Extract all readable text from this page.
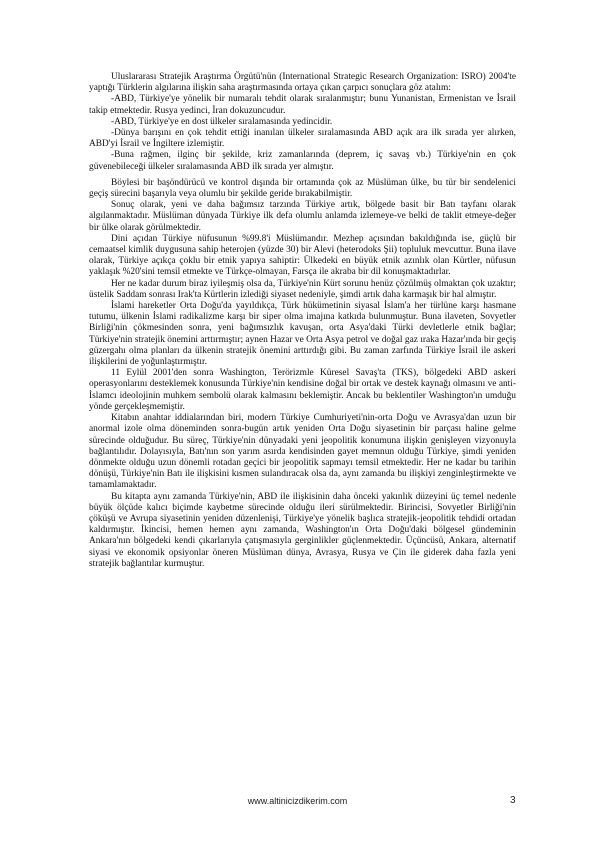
Uluslararası Stratejik Araştırma Örgütü'nün (International Strategic Research Organization: ISRO) 2004'te yaptığı Türklerin algılarına ilişkin saha araştırmasında ortaya çıkan çarpıcı sonuçlara göz atalım:

-ABD, Türkiye'ye yönelik bir numaralı tehdit olarak sıralanmıştır; bunu Yunanistan, Ermenistan ve İsrail takip etmektedir. Rusya yedinci, İran dokuzuncudur.

-ABD, Türkiye'ye en dost ülkeler sıralamasında yedincidir.

-Dünya barışını en çok tehdit ettiği inanılan ülkeler sıralamasında ABD açık ara ilk sırada yer alırken, ABD'yi İsrail ve İngiltere izlemiştir.

-Buna rağmen, ilginç bir şekilde, kriz zamanlarında (deprem, iç savaş vb.) Türkiye'nin en çok güvenebileceği ülkeler sıralamasında ABD ilk sırada yer almıştır.

Böylesi bir başöndürücü ve kontrol dışında bir ortamında çok az Müslüman ülke, bu tür bir sendelenici geçiş sürecini başarıyla veya olumlu bir şekilde geride bırakabilmiştir.

Sonuç olarak, yeni ve daha bağımsız tarzında Türkiye artık, bölgede basit bir Batı tayfanı olarak algılanmaktadır. Müslüman dünyada Türkiye ilk defa olumlu anlamda izlemeye-ve belki de taklit etmeye-değer bir ülke olarak görülmektedir.

Dini açıdan Türkiye nüfusunun %99.8'i Müslümandır. Mezhep açısından bakıldığında ise, güçlü bir cemaatsel kimlik duygusuna sahip heterojen (yüzde 30) bir Alevi (heterodoks Şii) topluluk mevcuttur. Buna ilave olarak, Türkiye açıkça çoklu bir etnik yapıya sahiptir: Ülkedeki en büyük etnik azınlık olan Kürtler, nüfusun yaklaşık %20'sini temsil etmekte ve Türkçe-olmayan, Farsça ile akraba bir dil konuşmaktadırlar.

Her ne kadar durum biraz iyileşmiş olsa da, Türkiye'nin Kürt sorunu henüz çözülmüş olmaktan çok uzaktır; üstelik Saddam sonrası Irak'ta Kürtlerin izlediği siyaset nedeniyle, şimdi artık daha karmaşık bir hal almıştır.

İslami hareketler Orta Doğu'da yayıldıkça, Türk hükümetinin siyasal İslam'a her türlüne karşı hasmane tutumu, ülkenin İslami radikalizme karşı bir siper olma imajına katkıda bulunmuştur. Buna ilaveten, Sovyetler Birliği'nin çökmesinden sonra, yeni bağımsızlık kavuşan, orta Asya'daki Türki devletlerle etnik bağlar; Türkiye'nin stratejik önemini arttırmıştır; aynen Hazar ve Orta Asya petrol ve doğal gaz ıraka Hazar'ında bir geçiş güzergahı olma planları da ülkenin stratejik önemini arttırdığı gibi. Bu zaman zarfında Türkiye İsrail ile askeri ilişkilerini de yoğunlaştırmıştır.

11 Eylül 2001'den sonra Washington, Terörizmle Küresel Savaş'ta (TKS), bölgedeki ABD askeri operasyonlarını desteklemek konusunda Türkiye'nin kendisine doğal bir ortak ve destek kaynağı olmasını ve anti-İslamcı ideolojinin muhkem sembolü olarak kalmasını beklemiştir. Ancak bu beklentiler Washington'ın umduğu yönde gerçekleşmemiştir.

Kitabın anahtar iddialarından biri, modern Türkiye Cumhuriyeti'nin-orta Doğu ve Avrasya'dan uzun bir anormal izole olma döneminden sonra-bugün artık yeniden Orta Doğu siyasetinin bir parçası haline gelme sürecinde olduğudur. Bu süreç, Türkiye'nin dünyadaki yeni jeopolitik konumuna ilişkin genişleyen vizyonuyla bağlantılıdır. Dolayısıyla, Batı'nın son yarım asırda kendisinden gayet memnun olduğu Türkiye, şimdi yeniden dönmekte olduğu uzun dönemli rotadan geçici bir jeopolitik sapmayı temsil etmektedir. Her ne kadar bu tarihin dönüşü, Türkiye'nin Batı ile ilişkisini kısmen sulandıracak olsa da, aynı zamanda bu ilişkiyi zenginleştirmekte ve tamamlamaktadır.

Bu kitapta aynı zamanda Türkiye'nin, ABD ile ilişkisinin daha önceki yakınlık düzeyini üç temel nedenle büyük ölçüde kalıcı biçimde kaybetme sürecinde olduğu ileri sürülmektedir. Birincisi, Sovyetler Birliği'nin çöküşü ve Avrupa siyasetinin yeniden düzenlenişi, Türkiye'ye yönelik başlıca stratejik-jeopolitik tehdidi ortadan kaldırmıştır. İkincisi, hemen hemen aynı zamanda, Washington'ın Orta Doğu'daki bölgesel gündeminin Ankara'nın bölgedeki kendi çıkarlarıyla çatışmasıyla gerginlikler güçlenmektedir. Üçüncüsü, Ankara, alternatif siyasi ve ekonomik opsiyonlar öneren Müslüman dünya, Avrasya, Rusya ve Çin ile giderek daha fazla yeni stratejik bağlantılar kurmuştur.

www.altinicizdikerim.com	3
